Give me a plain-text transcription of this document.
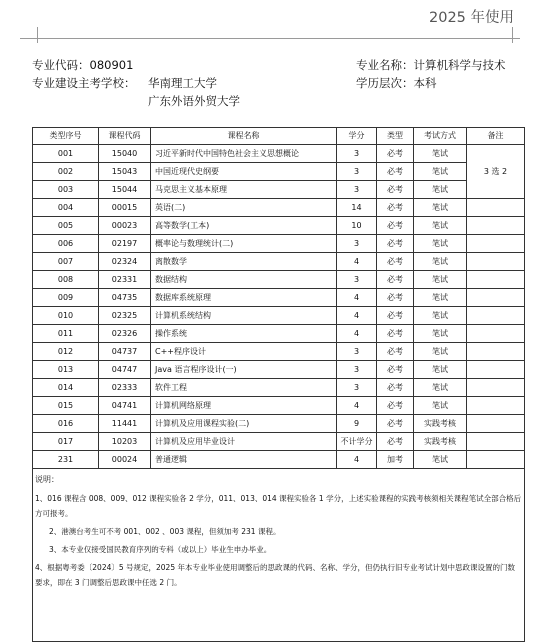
2025 年使用
专业代码：080901	专业名称：计算机科学与技术
专业建设主考学校： 华南理工大学	学历层次：本科
广东外语外贸大学
类型序号	课程代码	课程名称	学分	类型	考试方式	备注
001	15040	习近平新时代中国特色社会主义思想概论	3	必考	笔试	3 选 2
002	15043	中国近现代史纲要	3	必考	笔试	
003	15044	马克思主义基本原理	3	必考	笔试	
004	00015	英语(二)	14	必考	笔试	
005	00023	高等数学(工本)	10	必考	笔试	
006	02197	概率论与数理统计(二)	3	必考	笔试	
007	02324	离散数学	4	必考	笔试	
008	02331	数据结构	3	必考	笔试	
009	04735	数据库系统原理	4	必考	笔试	
010	02325	计算机系统结构	4	必考	笔试	
011	02326	操作系统	4	必考	笔试	
012	04737	C++程序设计	3	必考	笔试	
013	04747	Java 语言程序设计(一)	3	必考	笔试	
014	02333	软件工程	3	必考	笔试	
015	04741	计算机网络原理	4	必考	笔试	
016	11441	计算机及应用课程实验(二)	9	必考	实践考核	
017	10203	计算机及应用毕业设计	不计学分	必考	实践考核	
231	00024	普通逻辑	4	加考	笔试	

说明：

1、016 课程含 008、009、012 课程实验各 2 学分，011、013、014 课程实验各 1 学分，上述实验课程的实践考核须相关课程笔试全部合格后方可报考。

2、港澳台考生可不考 001、002 、003 课程，但须加考 231 课程。

3、本专业仅接受国民教育序列的专科（或以上）毕业生申办毕业。

4、根据粤考委〔2024〕5 号规定，2025 年本专业毕业使用调整后的思政课的代码、名称、学分，但仍执行旧专业考试计划中思政课设置的门数要求，即在 3 门调整后思政课中任选 2 门。						
